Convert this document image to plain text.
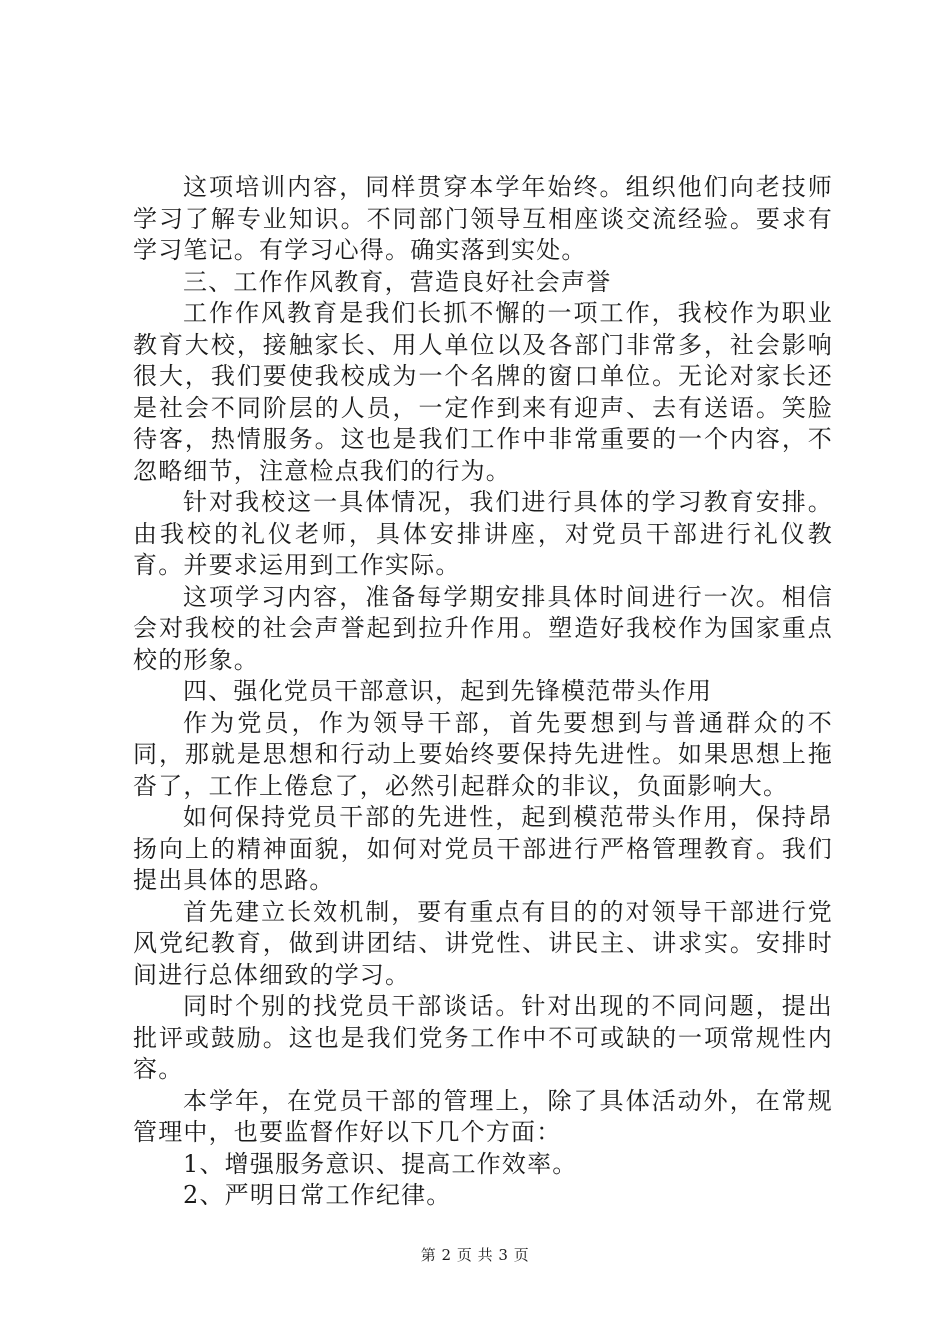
这项培训内容，同样贯穿本学年始终。组织他们向老技师学习了解专业知识。不同部门领导互相座谈交流经验。要求有学习笔记。有学习心得。确实落到实处。

三、工作作风教育，营造良好社会声誉

工作作风教育是我们长抓不懈的一项工作，我校作为职业教育大校，接触家长、用人单位以及各部门非常多，社会影响很大，我们要使我校成为一个名牌的窗口单位。无论对家长还是社会不同阶层的人员，一定作到来有迎声、去有送语。笑脸待客，热情服务。这也是我们工作中非常重要的一个内容，不忽略细节，注意检点我们的行为。

针对我校这一具体情况，我们进行具体的学习教育安排。由我校的礼仪老师，具体安排讲座，对党员干部进行礼仪教育。并要求运用到工作实际。

这项学习内容，准备每学期安排具体时间进行一次。相信会对我校的社会声誉起到拉升作用。塑造好我校作为国家重点校的形象。

四、强化党员干部意识，起到先锋模范带头作用

作为党员，作为领导干部，首先要想到与普通群众的不同，那就是思想和行动上要始终要保持先进性。如果思想上拖沓了，工作上倦怠了，必然引起群众的非议，负面影响大。

如何保持党员干部的先进性，起到模范带头作用，保持昂扬向上的精神面貌，如何对党员干部进行严格管理教育。我们提出具体的思路。

首先建立长效机制，要有重点有目的的对领导干部进行党风党纪教育，做到讲团结、讲党性、讲民主、讲求实。安排时间进行总体细致的学习。

同时个别的找党员干部谈话。针对出现的不同问题，提出批评或鼓励。这也是我们党务工作中不可或缺的一项常规性内容。

本学年，在党员干部的管理上，除了具体活动外，在常规管理中，也要监督作好以下几个方面：

1、增强服务意识、提高工作效率。

2、严明日常工作纪律。

第 2 页 共 3 页
